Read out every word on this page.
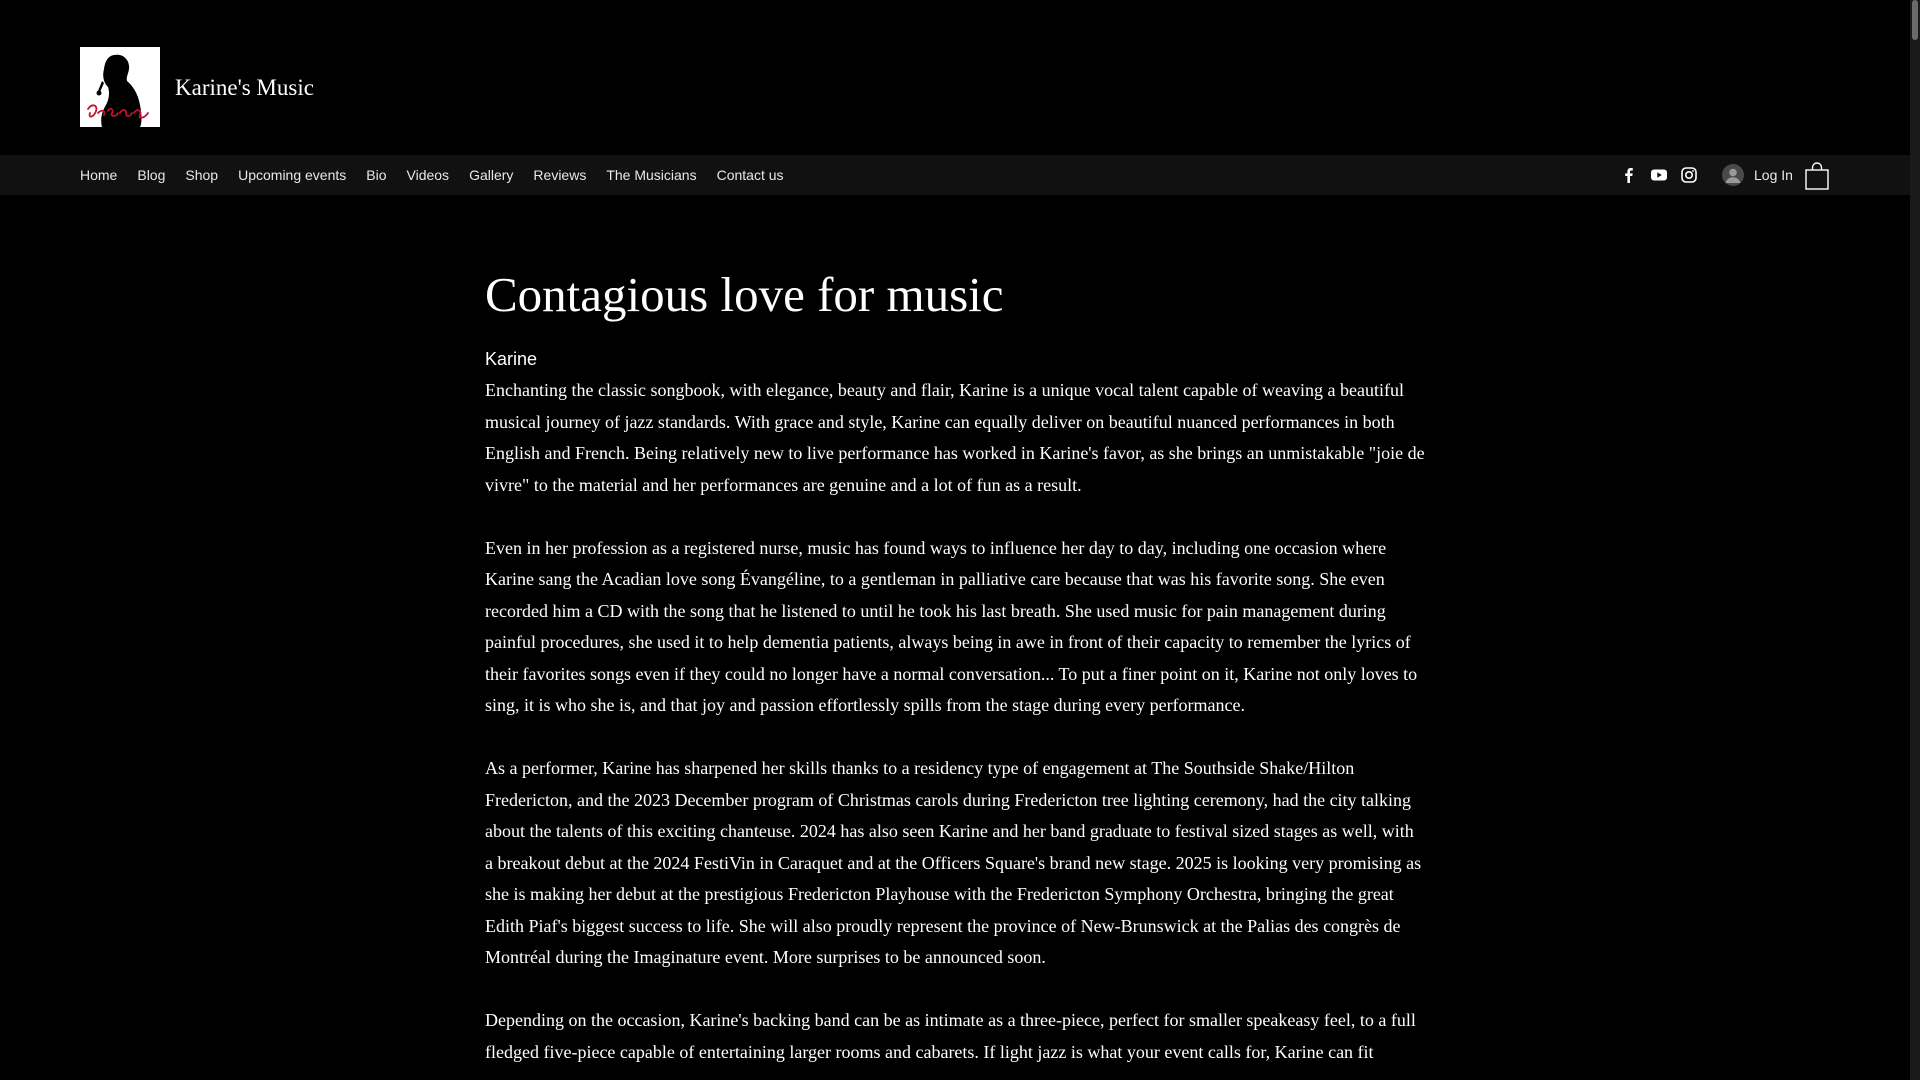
Karine's Music
Home Blog Shop Upcoming events Bio Videos Gallery Reviews The Musicians Contact us	Log In
Contagious love for music

Karine

Enchanting the classic songbook, with elegance, beauty and flair, Karine is a unique vocal talent capable of weaving a beautiful musical journey of jazz standards. With grace and style, Karine can equally deliver on beautiful nuanced performances in both English and French. Being relatively new to live performance has worked in Karine's favor, as she brings an unmistakable "joie de vivre" to the material and her performances are genuine and a lot of fun as a result.

Even in her profession as a registered nurse, music has found ways to influence her day to day, including one occasion where Karine sang the Acadian love song Évangéline, to a gentleman in palliative care because that was his favorite song. She even recorded him a CD with the song that he listened to until he took his last breath. She used music for pain management during painful procedures, she used it to help dementia patients, always being in awe in front of their capacity to remember the lyrics of their favorites songs even if they could no longer have a normal conversation... To put a finer point on it, Karine not only loves to sing, it is who she is, and that joy and passion effortlessly spills from the stage during every performance.

As a performer, Karine has sharpened her skills thanks to a residency type of engagement at The Southside Shake/Hilton Fredericton, and the 2023 December program of Christmas carols during Fredericton tree lighting ceremony, had the city talking about the talents of this exciting chanteuse. 2024 has also seen Karine and her band graduate to festival sized stages as well, with a breakout debut at the 2024 FestiVin in Caraquet and at the Officers Square's brand new stage. 2025 is looking very promising as she is making her debut at the prestigious Fredericton Playhouse with the Fredericton Symphony Orchestra, bringing the great Edith Piaf's biggest success to life. She will also proudly represent the province of New-Brunswick at the Palias des congrès de Montréal during the Imaginature event. More surprises to be announced soon.

Depending on the occasion, Karine's backing band can be as intimate as a three-piece, perfect for smaller speakeasy feel, to a full fledged five-piece capable of entertaining larger rooms and cabarets. If light jazz is what your event calls for, Karine can fit
